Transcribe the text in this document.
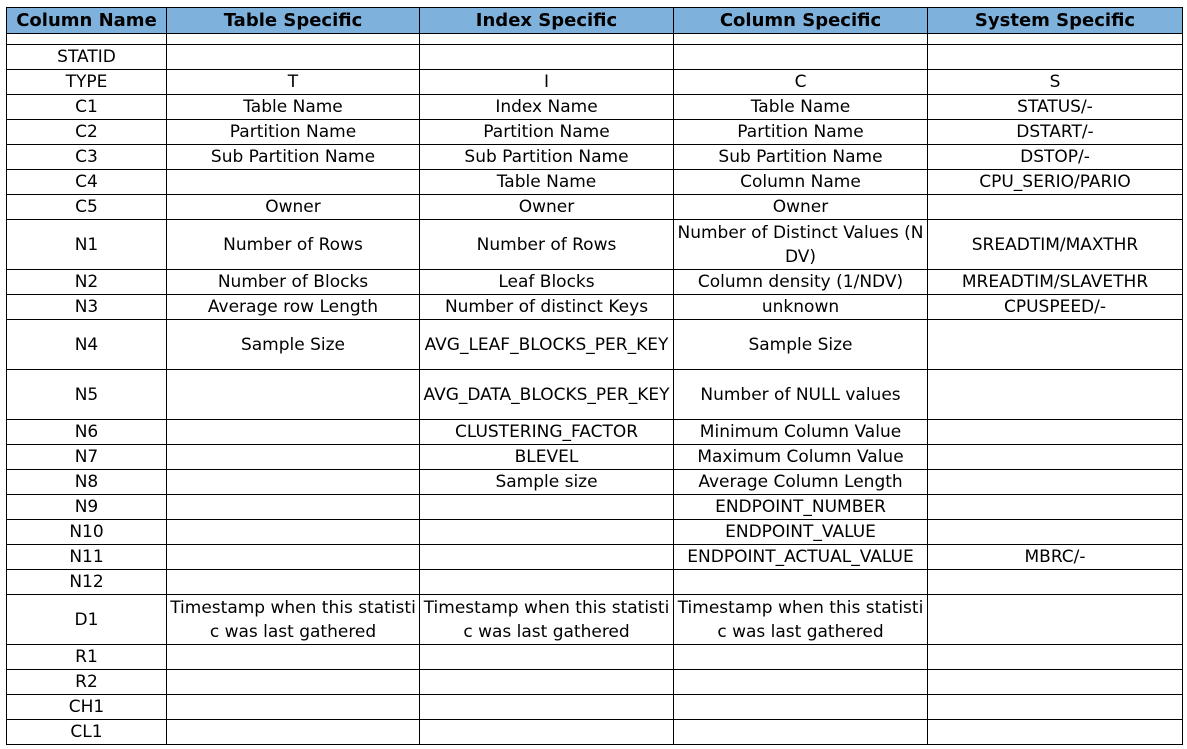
Column Name	Table Specific	Index Specific	Column Specific	System Specific

STATID				
TYPE	T	I	C	S
C1	Table Name	Index Name	Table Name	STATUS/-
C2	Partition Name	Partition Name	Partition Name	DSTART/-
C3	Sub Partition Name	Sub Partition Name	Sub Partition Name	DSTOP/-
C4		Table Name	Column Name	CPU_SERIO/PARIO
C5	Owner	Owner	Owner	
N1	Number of Rows	Number of Rows	Number of Distinct Values (NDV)	SREADTIM/MAXTHR
N2	Number of Blocks	Leaf Blocks	Column density (1/NDV)	MREADTIM/SLAVETHR
N3	Average row Length	Number of distinct Keys	unknown	CPUSPEED/-
N4	Sample Size	AVG_LEAF_BLOCKS_PER_KEY	Sample Size	
N5		AVG_DATA_BLOCKS_PER_KEY	Number of NULL values	
N6		CLUSTERING_FACTOR	Minimum Column Value	
N7		BLEVEL	Maximum Column Value	
N8		Sample size	Average Column Length	
N9			ENDPOINT_NUMBER	
N10			ENDPOINT_VALUE	
N11			ENDPOINT_ACTUAL_VALUE	MBRC/-
N12				
D1	Timestamp when this statistic was last gathered	Timestamp when this statistic was last gathered	Timestamp when this statistic was last gathered	
R1				
R2				
CH1				
CL1				
